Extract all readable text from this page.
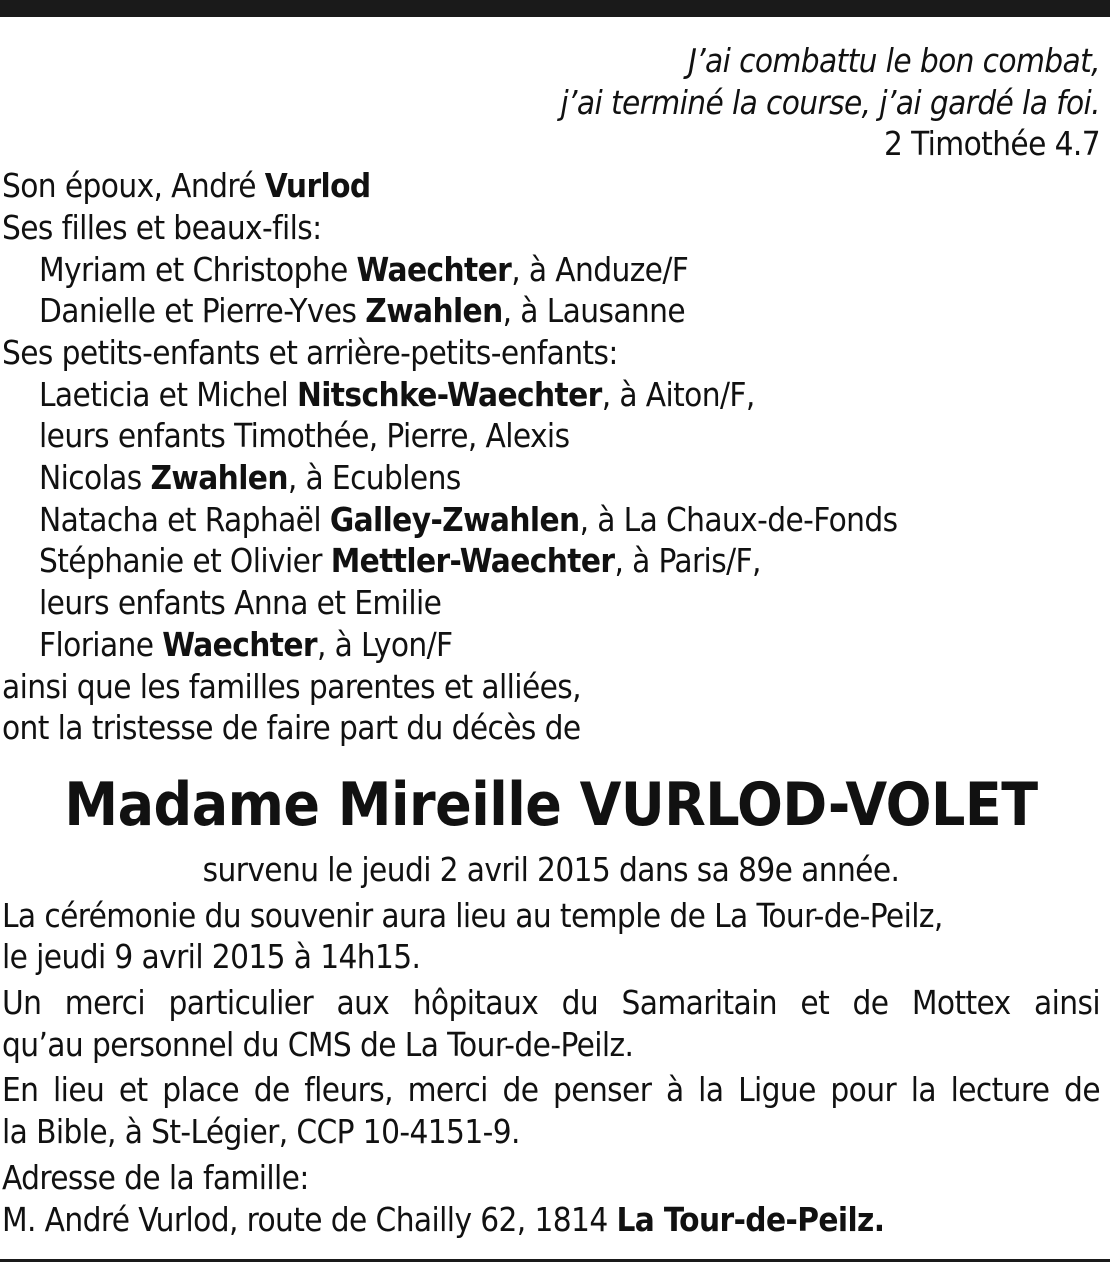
J’ai combattu le bon combat,
j’ai terminé la course, j’ai gardé la foi.
2 Timothée 4.7
Son époux, André Vurlod
Ses filles et beaux-fils:
Myriam et Christophe Waechter, à Anduze/F
Danielle et Pierre-Yves Zwahlen, à Lausanne
Ses petits-enfants et arrière-petits-enfants:
Laeticia et Michel Nitschke-Waechter, à Aiton/F,
leurs enfants Timothée, Pierre, Alexis
Nicolas Zwahlen, à Ecublens
Natacha et Raphaël Galley-Zwahlen, à La Chaux-de-Fonds
Stéphanie et Olivier Mettler-Waechter, à Paris/F,
leurs enfants Anna et Emilie
Floriane Waechter, à Lyon/F
ainsi que les familles parentes et alliées,
ont la tristesse de faire part du décès de
Madame Mireille VURLOD-VOLET
survenu le jeudi 2 avril 2015 dans sa 89e année.
La cérémonie du souvenir aura lieu au temple de La Tour-de-Peilz,
le jeudi 9 avril 2015 à 14h15.
Un merci particulier aux hôpitaux du Samaritain et de Mottex ainsi
qu’au personnel du CMS de La Tour-de-Peilz.
En lieu et place de fleurs, merci de penser à la Ligue pour la lecture de
la Bible, à St-Légier, CCP 10-4151-9.
Adresse de la famille:
M. André Vurlod, route de Chailly 62, 1814 La Tour-de-Peilz.
